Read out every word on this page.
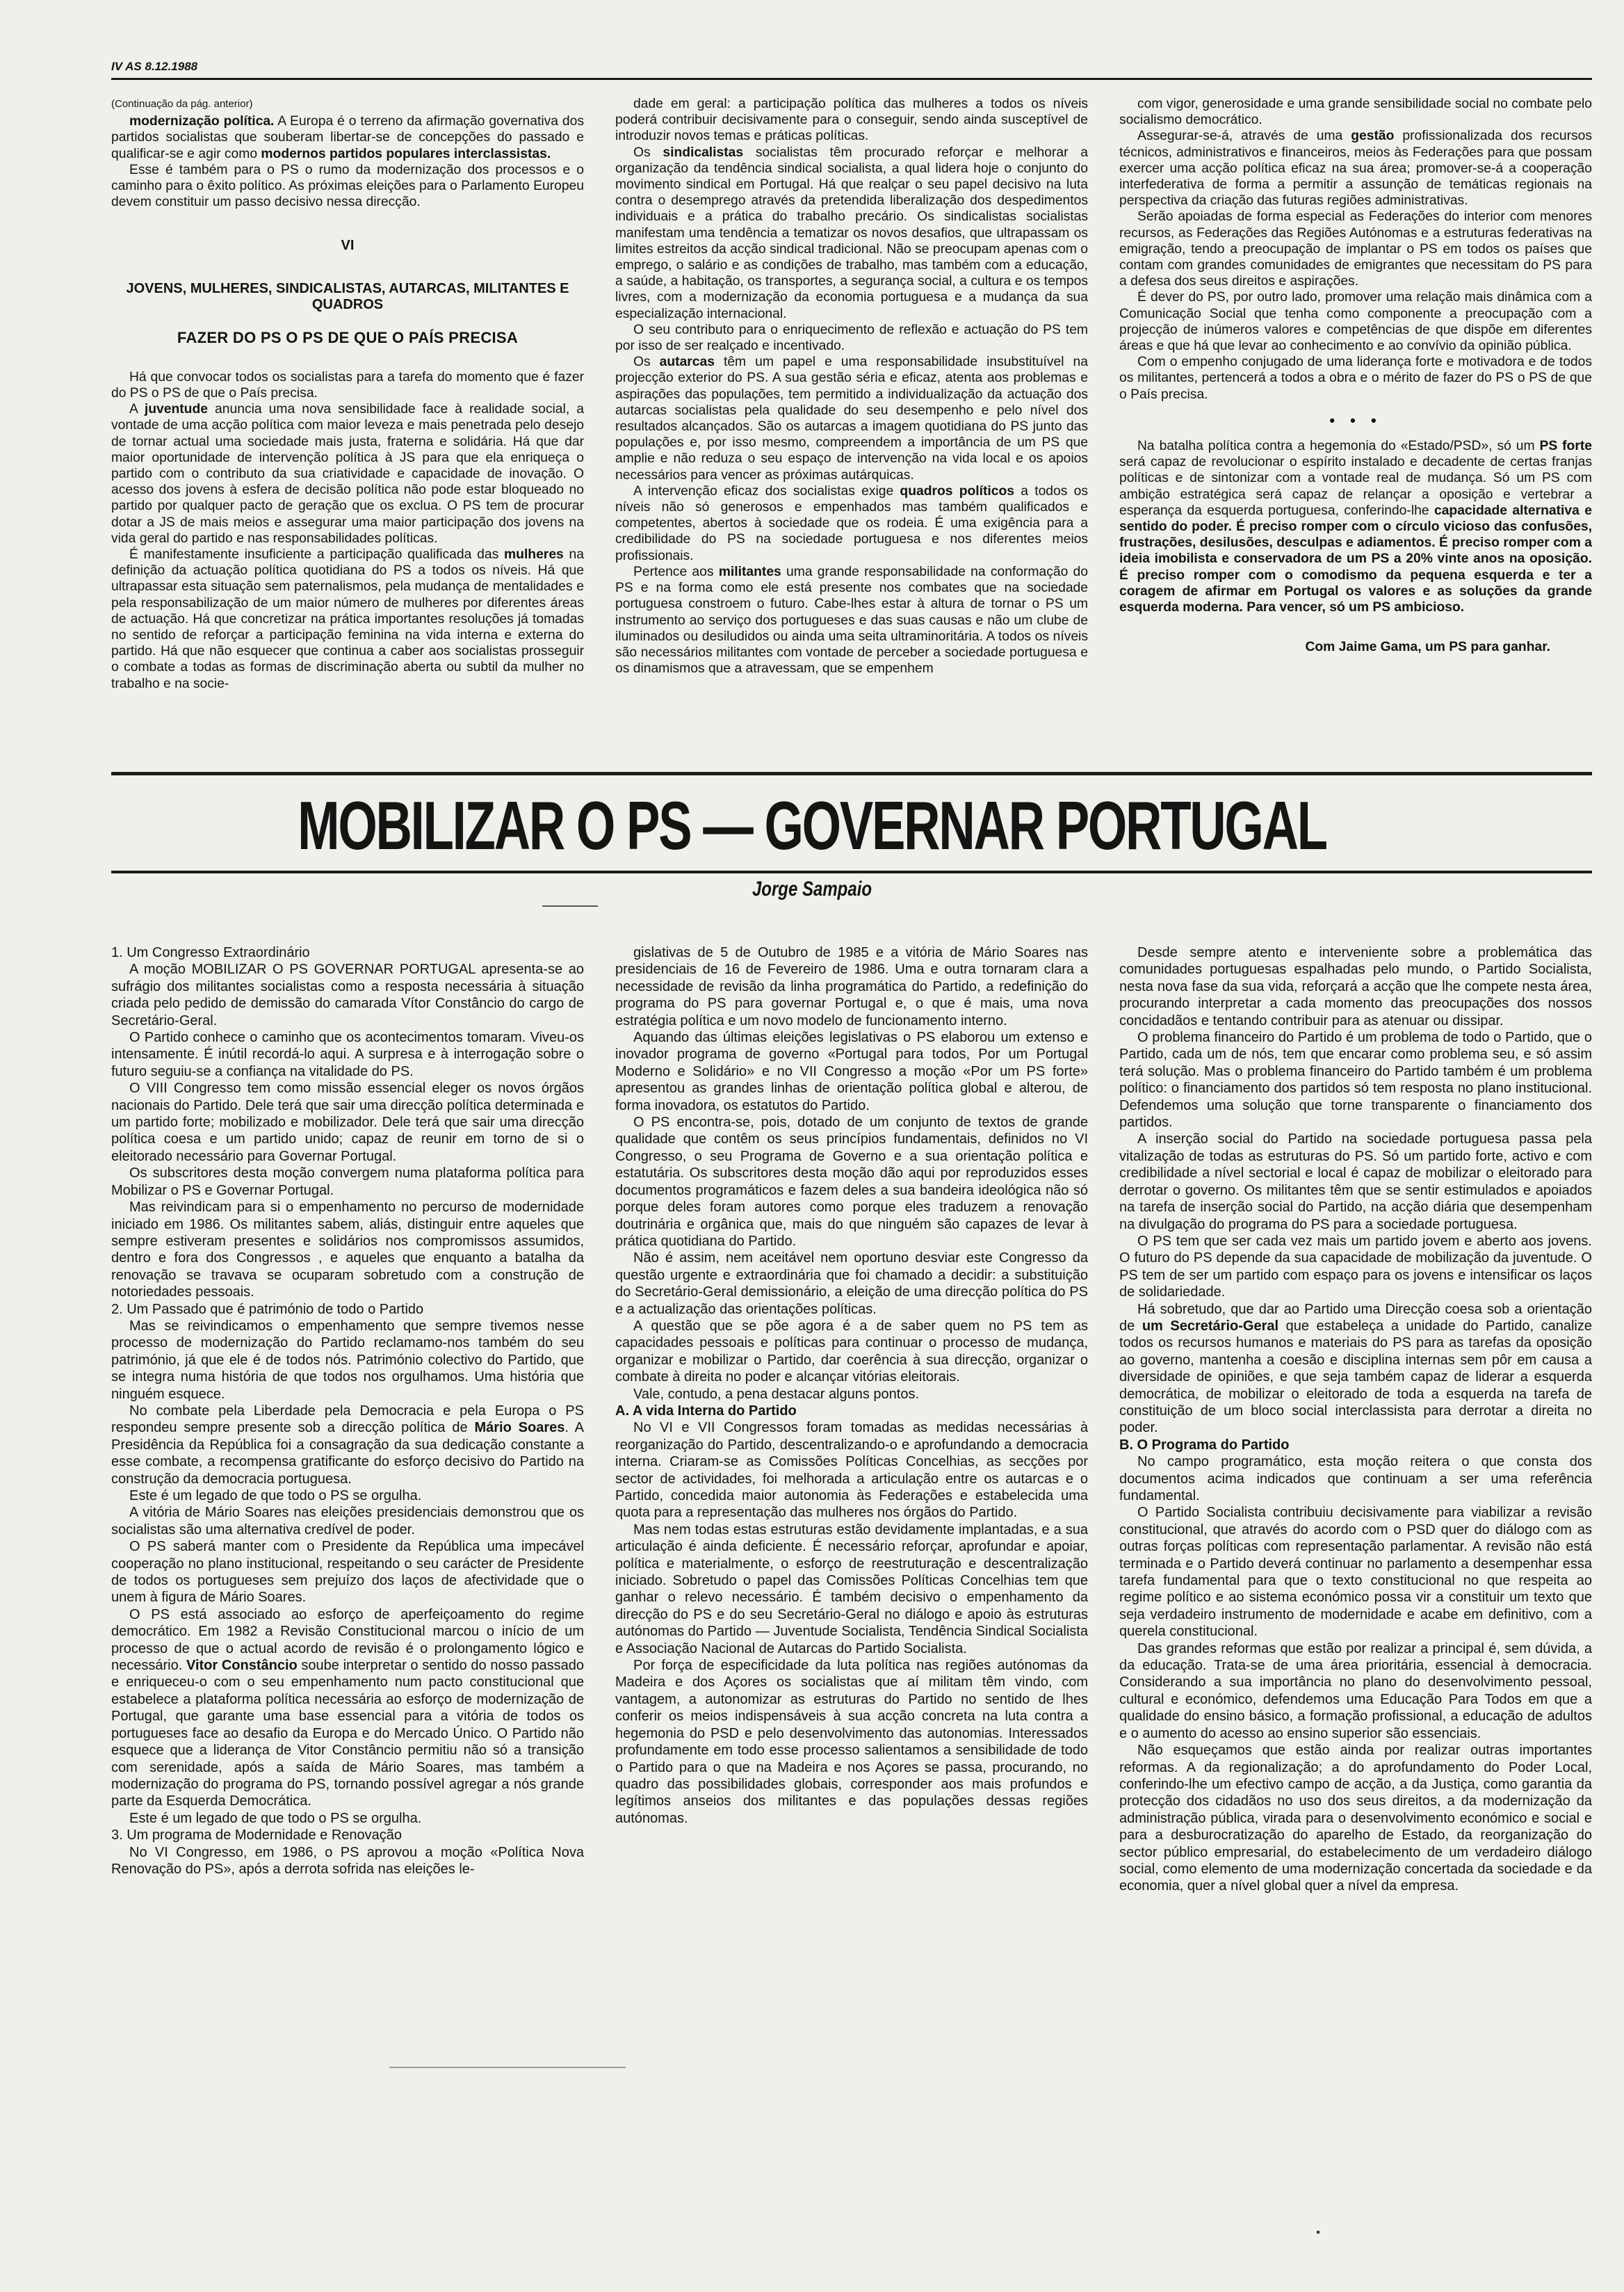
IV AS 8.12.1988
(Continuação da pág. anterior)

modernização política. A Europa é o terreno da afirmação governativa dos partidos socialistas que souberam libertar-se de concepções do passado e qualificar-se e agir como modernos partidos populares interclassistas.

Esse é também para o PS o rumo da modernização dos processos e o caminho para o êxito político. As próximas eleições para o Parlamento Europeu devem constituir um passo decisivo nessa direcção.

VI
JOVENS, MULHERES, SINDICALISTAS, AUTARCAS, MILITANTES E QUADROS
FAZER DO PS O PS DE QUE O PAÍS PRECISA

Há que convocar todos os socialistas para a tarefa do momento que é fazer do PS o PS de que o País precisa.

A juventude anuncia uma nova sensibilidade face à realidade social, a vontade de uma acção política com maior leveza e mais penetrada pelo desejo de tornar actual uma sociedade mais justa, fraterna e solidária. Há que dar maior oportunidade de intervenção política à JS para que ela enriqueça o partido com o contributo da sua criatividade e capacidade de inovação. O acesso dos jovens à esfera de decisão política não pode estar bloqueado no partido por qualquer pacto de geração que os exclua. O PS tem de procurar dotar a JS de mais meios e assegurar uma maior participação dos jovens na vida geral do partido e nas responsabilidades políticas.

É manifestamente insuficiente a participação qualificada das mulheres na definição da actuação política quotidiana do PS a todos os níveis. Há que ultrapassar esta situação sem paternalismos, pela mudança de mentalidades e pela responsabilização de um maior número de mulheres por diferentes áreas de actuação. Há que concretizar na prática importantes resoluções já tomadas no sentido de reforçar a participação feminina na vida interna e externa do partido. Há que não esquecer que continua a caber aos socialistas prosseguir o combate a todas as formas de discriminação aberta ou subtil da mulher no trabalho e na socie-

dade em geral: a participação política das mulheres a todos os níveis poderá contribuir decisivamente para o conseguir, sendo ainda susceptível de introduzir novos temas e práticas políticas.

Os sindicalistas socialistas têm procurado reforçar e melhorar a organização da tendência sindical socialista, a qual lidera hoje o conjunto do movimento sindical em Portugal. Há que realçar o seu papel decisivo na luta contra o desemprego através da pretendida liberalização dos despedimentos individuais e a prática do trabalho precário. Os sindicalistas socialistas manifestam uma tendência a tematizar os novos desafios, que ultrapassam os limites estreitos da acção sindical tradicional. Não se preocupam apenas com o emprego, o salário e as condições de trabalho, mas também com a educação, a saúde, a habitação, os transportes, a segurança social, a cultura e os tempos livres, com a modernização da economia portuguesa e a mudança da sua especialização internacional.

O seu contributo para o enriquecimento de reflexão e actuação do PS tem por isso de ser realçado e incentivado.

Os autarcas têm um papel e uma responsabilidade insubstituível na projecção exterior do PS. A sua gestão séria e eficaz, atenta aos problemas e aspirações das populações, tem permitido a individualização da actuação dos autarcas socialistas pela qualidade do seu desempenho e pelo nível dos resultados alcançados. São os autarcas a imagem quotidiana do PS junto das populações e, por isso mesmo, compreendem a importância de um PS que amplie e não reduza o seu espaço de intervenção na vida local e os apoios necessários para vencer as próximas autárquicas.

A intervenção eficaz dos socialistas exige quadros políticos a todos os níveis não só generosos e empenhados mas também qualificados e competentes, abertos à sociedade que os rodeia. É uma exigência para a credibilidade do PS na sociedade portuguesa e nos diferentes meios profissionais.

Pertence aos militantes uma grande responsabilidade na conformação do PS e na forma como ele está presente nos combates que na sociedade portuguesa constroem o futuro. Cabe-lhes estar à altura de tornar o PS um instrumento ao serviço dos portugueses e das suas causas e não um clube de iluminados ou desiludidos ou ainda uma seita ultraminoritária. A todos os níveis são necessários militantes com vontade de perceber a sociedade portuguesa e os dinamismos que a atravessam, que se empenhem

com vigor, generosidade e uma grande sensibilidade social no combate pelo socialismo democrático.

Assegurar-se-á, através de uma gestão profissionalizada dos recursos técnicos, administrativos e financeiros, meios às Federações para que possam exercer uma acção política eficaz na sua área; promover-se-á a cooperação interfederativa de forma a permitir a assunção de temáticas regionais na perspectiva da criação das futuras regiões administrativas.

Serão apoiadas de forma especial as Federações do interior com menores recursos, as Federações das Regiões Autónomas e a estruturas federativas na emigração, tendo a preocupação de implantar o PS em todos os países que contam com grandes comunidades de emigrantes que necessitam do PS para a defesa dos seus direitos e aspirações.

É dever do PS, por outro lado, promover uma relação mais dinâmica com a Comunicação Social que tenha como componente a preocupação com a projecção de inúmeros valores e competências de que dispõe em diferentes áreas e que há que levar ao conhecimento e ao convívio da opinião pública.

Com o empenho conjugado de uma liderança forte e motivadora e de todos os militantes, pertencerá a todos a obra e o mérito de fazer do PS o PS de que o País precisa.

• • •

Na batalha política contra a hegemonia do «Estado/PSD», só um PS forte será capaz de revolucionar o espírito instalado e decadente de certas franjas políticas e de sintonizar com a vontade real de mudança. Só um PS com ambição estratégica será capaz de relançar a oposição e vertebrar a esperança da esquerda portuguesa, conferindo-lhe capacidade alternativa e sentido do poder. É preciso romper com o círculo vicioso das confusões, frustrações, desilusões, desculpas e adiamentos. É preciso romper com a ideia imobilista e conservadora de um PS a 20% vinte anos na oposição. É preciso romper com o comodismo da pequena esquerda e ter a coragem de afirmar em Portugal os valores e as soluções da grande esquerda moderna. Para vencer, só um PS ambicioso.

Com Jaime Gama, um PS para ganhar.
MOBILIZAR O PS — GOVERNAR PORTUGAL
Jorge Sampaio

1. Um Congresso Extraordinário

A moção MOBILIZAR O PS GOVERNAR PORTUGAL apresenta-se ao sufrágio dos militantes socialistas como a resposta necessária à situação criada pelo pedido de demissão do camarada Vítor Constâncio do cargo de Secretário-Geral.

O Partido conhece o caminho que os acontecimentos tomaram. Viveu-os intensamente. É inútil recordá-lo aqui. A surpresa e à interrogação sobre o futuro seguiu-se a confiança na vitalidade do PS.

O VIII Congresso tem como missão essencial eleger os novos órgãos nacionais do Partido. Dele terá que sair uma direcção política determinada e um partido forte; mobilizado e mobilizador. Dele terá que sair uma direcção política coesa e um partido unido; capaz de reunir em torno de si o eleitorado necessário para Governar Portugal.

Os subscritores desta moção convergem numa plataforma política para Mobilizar o PS e Governar Portugal.

Mas reivindicam para si o empenhamento no percurso de modernidade iniciado em 1986. Os militantes sabem, aliás, distinguir entre aqueles que sempre estiveram presentes e solidários nos compromissos assumidos, dentro e fora dos Congressos , e aqueles que enquanto a batalha da renovação se travava se ocuparam sobretudo com a construção de notoriedades pessoais.

2. Um Passado que é património de todo o Partido

Mas se reivindicamos o empenhamento que sempre tivemos nesse processo de modernização do Partido reclamamo-nos também do seu património, já que ele é de todos nós. Património colectivo do Partido, que se integra numa história de que todos nos orgulhamos. Uma história que ninguém esquece.

No combate pela Liberdade pela Democracia e pela Europa o PS respondeu sempre presente sob a direcção política de Mário Soares. A Presidência da República foi a consagração da sua dedicação constante a esse combate, a recompensa gratificante do esforço decisivo do Partido na construção da democracia portuguesa.

Este é um legado de que todo o PS se orgulha.

A vitória de Mário Soares nas eleições presidenciais demonstrou que os socialistas são uma alternativa credível de poder.

O PS saberá manter com o Presidente da República uma impecável cooperação no plano institucional, respeitando o seu carácter de Presidente de todos os portugueses sem prejuízo dos laços de afectividade que o unem à figura de Mário Soares.

O PS está associado ao esforço de aperfeiçoamento do regime democrático. Em 1982 a Revisão Constitucional marcou o início de um processo de que o actual acordo de revisão é o prolongamento lógico e necessário. Vitor Constâncio soube interpretar o sentido do nosso passado e enriqueceu-o com o seu empenhamento num pacto constitucional que estabelece a plataforma política necessária ao esforço de modernização de Portugal, que garante uma base essencial para a vitória de todos os portugueses face ao desafio da Europa e do Mercado Único. O Partido não esquece que a liderança de Vitor Constâncio permitiu não só a transição com serenidade, após a saída de Mário Soares, mas também a modernização do programa do PS, tornando possível agregar a nós grande parte da Esquerda Democrática.

Este é um legado de que todo o PS se orgulha.

3. Um programa de Modernidade e Renovação

No VI Congresso, em 1986, o PS aprovou a moção «Política Nova Renovação do PS», após a derrota sofrida nas eleições le-

gislativas de 5 de Outubro de 1985 e a vitória de Mário Soares nas presidenciais de 16 de Fevereiro de 1986. Uma e outra tornaram clara a necessidade de revisão da linha programática do Partido, a redefinição do programa do PS para governar Portugal e, o que é mais, uma nova estratégia política e um novo modelo de funcionamento interno.

Aquando das últimas eleições legislativas o PS elaborou um extenso e inovador programa de governo «Portugal para todos, Por um Portugal Moderno e Solidário» e no VII Congresso a moção «Por um PS forte» apresentou as grandes linhas de orientação política global e alterou, de forma inovadora, os estatutos do Partido.

O PS encontra-se, pois, dotado de um conjunto de textos de grande qualidade que contêm os seus princípios fundamentais, definidos no VI Congresso, o seu Programa de Governo e a sua orientação política e estatutária. Os subscritores desta moção dão aqui por reproduzidos esses documentos programáticos e fazem deles a sua bandeira ideológica não só porque deles foram autores como porque eles traduzem a renovação doutrinária e orgânica que, mais do que ninguém são capazes de levar à prática quotidiana do Partido.

Não é assim, nem aceitável nem oportuno desviar este Congresso da questão urgente e extraordinária que foi chamado a decidir: a substituição do Secretário-Geral demissionário, a eleição de uma direcção política do PS e a actualização das orientações políticas.

A questão que se põe agora é a de saber quem no PS tem as capacidades pessoais e políticas para continuar o processo de mudança, organizar e mobilizar o Partido, dar coerência à sua direcção, organizar o combate à direita no poder e alcançar vitórias eleitorais.

Vale, contudo, a pena destacar alguns pontos.

A. A vida Interna do Partido

No VI e VII Congressos foram tomadas as medidas necessárias à reorganização do Partido, descentralizando-o e aprofundando a democracia interna. Criaram-se as Comissões Políticas Concelhias, as secções por sector de actividades, foi melhorada a articulação entre os autarcas e o Partido, concedida maior autonomia às Federações e estabelecida uma quota para a representação das mulheres nos órgãos do Partido.

Mas nem todas estas estruturas estão devidamente implantadas, e a sua articulação é ainda deficiente. É necessário reforçar, aprofundar e apoiar, política e materialmente, o esforço de reestruturação e descentralização iniciado. Sobretudo o papel das Comissões Políticas Concelhias tem que ganhar o relevo necessário. É também decisivo o empenhamento da direcção do PS e do seu Secretário-Geral no diálogo e apoio às estruturas autónomas do Partido — Juventude Socialista, Tendência Sindical Socialista e Associação Nacional de Autarcas do Partido Socialista.

Por força de especificidade da luta política nas regiões autónomas da Madeira e dos Açores os socialistas que aí militam têm vindo, com vantagem, a autonomizar as estruturas do Partido no sentido de lhes conferir os meios indispensáveis à sua acção concreta na luta contra a hegemonia do PSD e pelo desenvolvimento das autonomias. Interessados profundamente em todo esse processo salientamos a sensibilidade de todo o Partido para o que na Madeira e nos Açores se passa, procurando, no quadro das possibilidades globais, corresponder aos mais profundos e legítimos anseios dos militantes e das populações dessas regiões autónomas.

Desde sempre atento e interveniente sobre a problemática das comunidades portuguesas espalhadas pelo mundo, o Partido Socialista, nesta nova fase da sua vida, reforçará a acção que lhe compete nesta área, procurando interpretar a cada momento das preocupações dos nossos concidadãos e tentando contribuir para as atenuar ou dissipar.

O problema financeiro do Partido é um problema de todo o Partido, que o Partido, cada um de nós, tem que encarar como problema seu, e só assim terá solução. Mas o problema financeiro do Partido também é um problema político: o financiamento dos partidos só tem resposta no plano institucional. Defendemos uma solução que torne transparente o financiamento dos partidos.

A inserção social do Partido na sociedade portuguesa passa pela vitalização de todas as estruturas do PS. Só um partido forte, activo e com credibilidade a nível sectorial e local é capaz de mobilizar o eleitorado para derrotar o governo. Os militantes têm que se sentir estimulados e apoiados na tarefa de inserção social do Partido, na acção diária que desempenham na divulgação do programa do PS para a sociedade portuguesa.

O PS tem que ser cada vez mais um partido jovem e aberto aos jovens. O futuro do PS depende da sua capacidade de mobilização da juventude. O PS tem de ser um partido com espaço para os jovens e intensificar os laços de solidariedade.

Há sobretudo, que dar ao Partido uma Direcção coesa sob a orientação de um Secretário-Geral que estabeleça a unidade do Partido, canalize todos os recursos humanos e materiais do PS para as tarefas da oposição ao governo, mantenha a coesão e disciplina internas sem pôr em causa a diversidade de opiniões, e que seja também capaz de liderar a esquerda democrática, de mobilizar o eleitorado de toda a esquerda na tarefa de constituição de um bloco social interclassista para derrotar a direita no poder.

B. O Programa do Partido

No campo programático, esta moção reitera o que consta dos documentos acima indicados que continuam a ser uma referência fundamental.

O Partido Socialista contribuiu decisivamente para viabilizar a revisão constitucional, que através do acordo com o PSD quer do diálogo com as outras forças políticas com representação parlamentar. A revisão não está terminada e o Partido deverá continuar no parlamento a desempenhar essa tarefa fundamental para que o texto constitucional no que respeita ao regime político e ao sistema económico possa vir a constituir um texto que seja verdadeiro instrumento de modernidade e acabe em definitivo, com a querela constitucional.

Das grandes reformas que estão por realizar a principal é, sem dúvida, a da educação. Trata-se de uma área prioritária, essencial à democracia. Considerando a sua importância no plano do desenvolvimento pessoal, cultural e económico, defendemos uma Educação Para Todos em que a qualidade do ensino básico, a formação profissional, a educação de adultos e o aumento do acesso ao ensino superior são essenciais.

Não esqueçamos que estão ainda por realizar outras importantes reformas. A da regionalização; a do aprofundamento do Poder Local, conferindo-lhe um efectivo campo de acção, a da Justiça, como garantia da protecção dos cidadãos no uso dos seus direitos, a da modernização da administração pública, virada para o desenvolvimento económico e social e para a desburocratização do aparelho de Estado, da reorganização do sector público empresarial, do estabelecimento de um verdadeiro diálogo social, como elemento de uma modernização concertada da sociedade e da economia, quer a nível global quer a nível da empresa.
